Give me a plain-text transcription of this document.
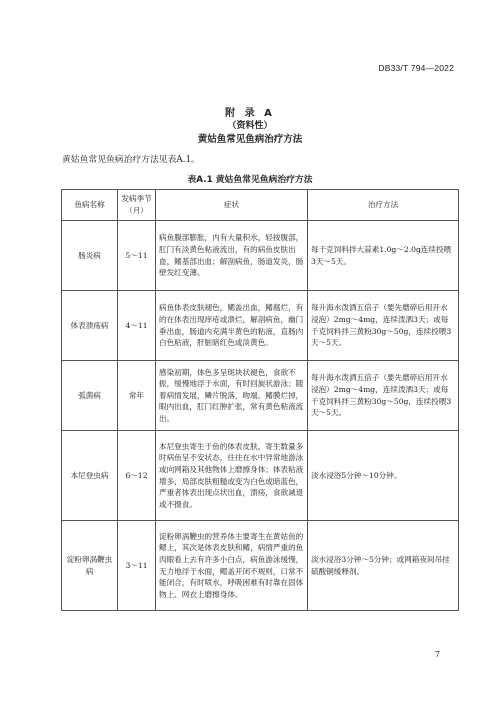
DB33/T 794—2022
附 录 A
（资料性）
黄姑鱼常见鱼病治疗方法
黄姑鱼常见鱼病治疗方法见表A.1。
表A.1 黄姑鱼常见鱼病治疗方法
鱼病名称	发病季节（月）	症状	治疗方法
肠炎病	5～11	病鱼腹部膨胀，内有大量积水，轻按腹部，肛门有淡黄色粘液流出，有的病鱼皮肤出血，鳍基部出血；解剖病鱼，肠道发炎，肠壁发红变薄。	每千克饲料拌大蒜素1.0g～2.0g连续投喂3天～5天。
体表溃疡病	4～11	病鱼体表皮肤褪色，鳃盖出血，鳍腐烂，有的在体表出现痒疮或溃烂，解剖病鱼，幽门垂出血，肠道内充满半黄色的粘液，直肠内白色粘液，肝脏暗红色或淡黄色。	每升海水泼洒五倍子（要先磨碎后用开水浸泡）2mg～4mg，连续泼洒3天；或每千克饲料拌三黄粉30g～50g，连续投喂3天～5天。
弧菌病	常年	感染初期，体色多呈斑块状褪色，食欲不振，缓慢地浮于水面，有时回旋状游泳；随着病情发展，鳞片脱落，吻端、鳍膜烂掉，眼内出血，肛门红肿扩张，常有黄色粘液流出。	每升海水泼洒五倍子（要先磨碎后用开水浸泡）2mg～4mg，连续泼洒3天；或每千克饲料拌三黄粉30g～50g，连续投喂3天～5天。
本尼登虫病	6～12	本尼登虫寄生于鱼的体表皮肤，寄生数量多时病鱼呈不安状态，往往在水中异常地游泳或向网箱及其他物体上磨擦身体；体表粘液增多，局部皮肤粗糙或变为白色或暗蓝色，严重者体表出现点状出血，溃疡，食欲减退或不摄食。	淡水浸浴5分钟～10分钟。
淀粉卵涡鞭虫病	3～11	淀粉卵涡鞭虫的营养体主要寄生在黄姑鱼的鳃上，其次是体表皮肤和鳍，病情严重的鱼肉眼看上去有许多小白点，病鱼游泳缓慢，无力地浮于水面，鳃盖开闭不规则，口常不能闭合，有时喷水，呼吸困难有时靠在固体物上、网衣上磨擦身体。	淡水浸浴3分钟～5分钟；或网箱夜间吊挂硫酸铜缓释剂。
7
